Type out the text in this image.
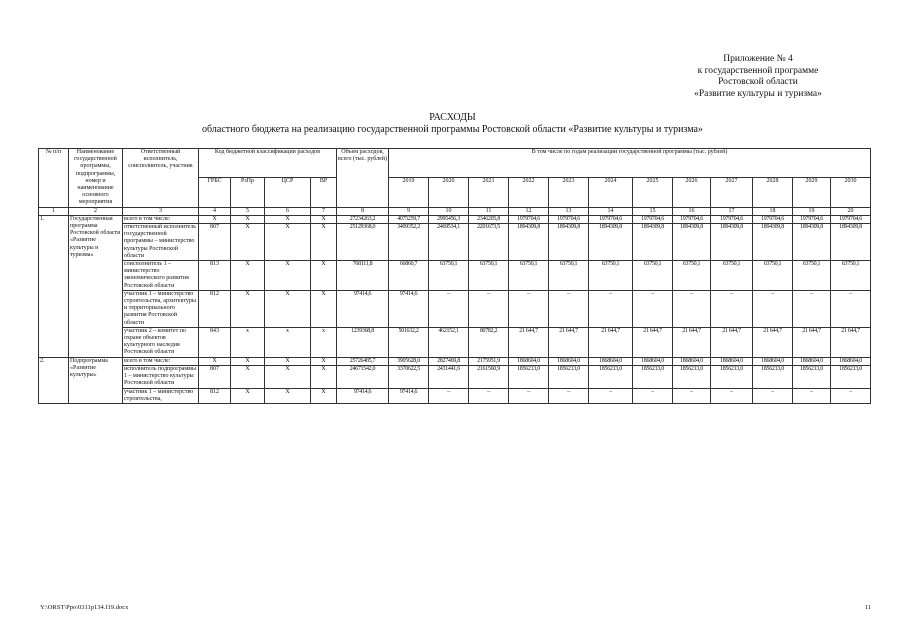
Приложение № 4
к государственной программе
Ростовской области
«Развитие культуры и туризма»
РАСХОДЫ
областного бюджета на реализацию государственной программы Ростовской области «Развитие культуры и туризма»
№ п/п	Наименование государственной программы, подпрограммы, номер и наименование основного мероприятия	Ответственный исполнитель, соисполнитель, участник	Код бюджетной классификации расходов				Объем расходов, всего (тыс. рублей)	В том числе по годам реализации государственной программы (тыс. рублей)											
			ГРБС	РзПр	ЦСР	ВР		2019	2020	2021	2022	2023	2024	2025	2026	2027	2028	2029	2030
1	2	3	4	5	6	7	8	9	10	11	12	13	14	15	16	17	18	19	20
1.	Государственная программа Ростовской области «Развитие культуры и туризма»	всего в том числе:	X	X	X	X	27234263,2	4075259,7	2995456,3	2346205,8	1979704,6	1979704,6	1979704,6	1979704,6	1979704,6	1979704,6	1979704,6	1979704,6	1979704,6
		ответственный исполнитель государственной программы – министерство культуры Ростовской области	807	X	X	X	25129368,0	3409352,2	2469534,1	2201673,5	1894309,8	1894309,8	1894309,8	1894309,8	1894309,8	1894309,8	1894309,8	1894309,8	1894309,8
		соисполнитель 1 – министерство экономического развития Ростовской области	813	X	X	X	768111,8	66860,7	63750,1	63750,1	63750,1	63750,1	63750,1	63750,1	63750,1	63750,1	63750,1	63750,1	63750,1
		участник 1 – министерство строительства, архитектуры и территориального развития Ростовской области	812	X	X	X	97414,6	97414,6	–	–	–	–	–	–	–	–	–	–	–
		участник 2 – комитет по охране объектов культурного наследия Ростовской области	843	х	х	х	1239368,8	501632,2	462152,1	80782,2	21 644,7	21 644,7	21 644,7	21 644,7	21 644,7	21 644,7	21 644,7	21 644,7	21 644,7
2.	Подпрограмма «Развитие культуры»	всего в том числе:	X	X	X	X	25726485,7	3905628,0	2827469,8	2175951,9	1868604,0	1868604,0	1868604,0	1868604,0	1868604,0	1868604,0	1868604,0	1868604,0	1868604,0
		исполнитель подпрограммы 1 – министерство культуры Ростовской области	807	X	X	X	24671542,0	3370622,5	2431441,6	2161560,9	1856213,0	1856213,0	1856213,0	1856213,0	1856213,0	1856213,0	1856213,0	1856213,0	1856213,0
		участник 1 – министерство строительства,	812	X	X	X	97414,6	97414,6	–	–	–	–	–	–	–	–	–	–	–
Y:\ORST\Ppo\0311p134.f19.docx	11
